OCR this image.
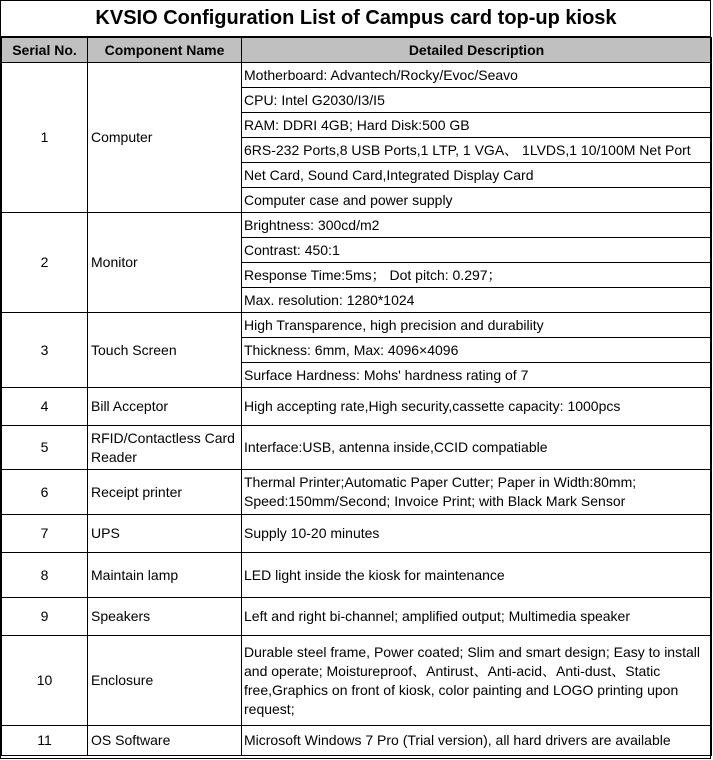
KVSIO Configuration List of Campus card top-up kiosk
Serial No.	Component Name	Detailed Description
1	Computer	Motherboard: Advantech/Rocky/Evoc/Seavo
		CPU: Intel G2030/I3/I5
		RAM: DDRI 4GB; Hard Disk:500 GB
		6RS-232 Ports,8 USB Ports,1 LTP, 1 VGA、 1LVDS,1 10/100M Net Port
		Net Card, Sound Card,Integrated Display Card
		Computer case and power supply
2	Monitor	Brightness: 300cd/m2
		Contrast: 450:1
		Response Time:5ms； Dot pitch: 0.297；
		Max. resolution: 1280*1024
3	Touch Screen	High Transparence, high precision and durability
		Thickness: 6mm, Max: 4096×4096
		Surface Hardness: Mohs' hardness rating of 7
4	Bill Acceptor	High accepting rate,High security,cassette capacity: 1000pcs
5	RFID/Contactless Card Reader	Interface:USB, antenna inside,CCID compatiable
6	Receipt printer	Thermal Printer;Automatic Paper Cutter; Paper in Width:80mm; Speed:150mm/Second; Invoice Print; with Black Mark Sensor
7	UPS	Supply 10-20 minutes
8	Maintain lamp	LED light inside the kiosk for maintenance
9	Speakers	Left and right bi-channel; amplified output; Multimedia speaker
10	Enclosure	Durable steel frame, Power coated; Slim and smart design; Easy to install and operate; Moistureproof、Antirust、Anti-acid、Anti-dust、Static free,Graphics on front of kiosk, color painting and LOGO printing upon request;
11	OS Software	Microsoft Windows 7 Pro (Trial version), all hard drivers are available
